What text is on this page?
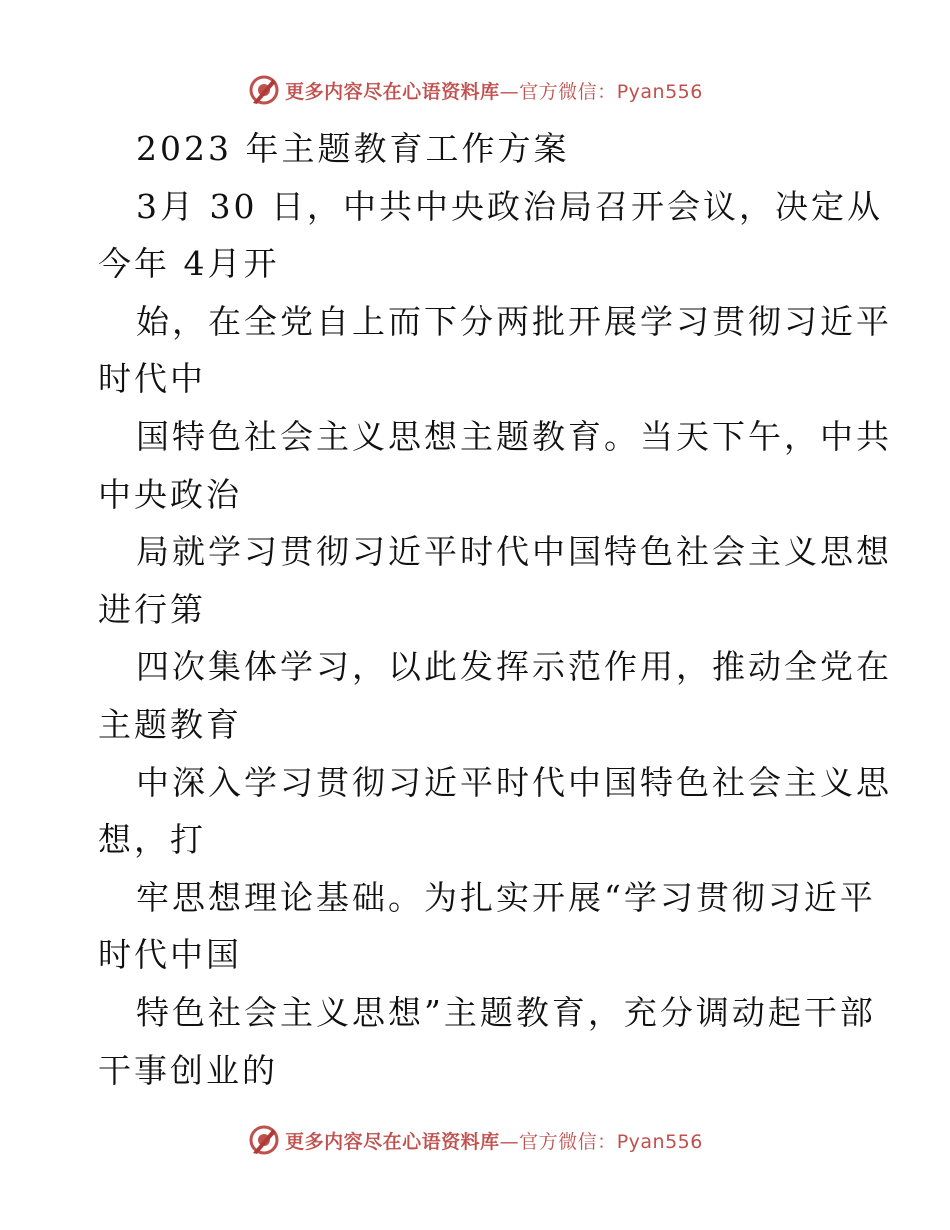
更多内容尽在心语资料库—官方微信：Pyan556
2023 年主题教育工作方案
3月 30 日，中共中央政治局召开会议，决定从
今年 4月开
始，在全党自上而下分两批开展学习贯彻习近平
时代中
国特色社会主义思想主题教育。当天下午，中共
中央政治
局就学习贯彻习近平时代中国特色社会主义思想
进行第
四次集体学习，以此发挥示范作用，推动全党在
主题教育
中深入学习贯彻习近平时代中国特色社会主义思
想，打
牢思想理论基础。为扎实开展“学习贯彻习近平
时代中国
特色社会主义思想”主题教育，充分调动起干部
干事创业的
更多内容尽在心语资料库—官方微信：Pyan556
